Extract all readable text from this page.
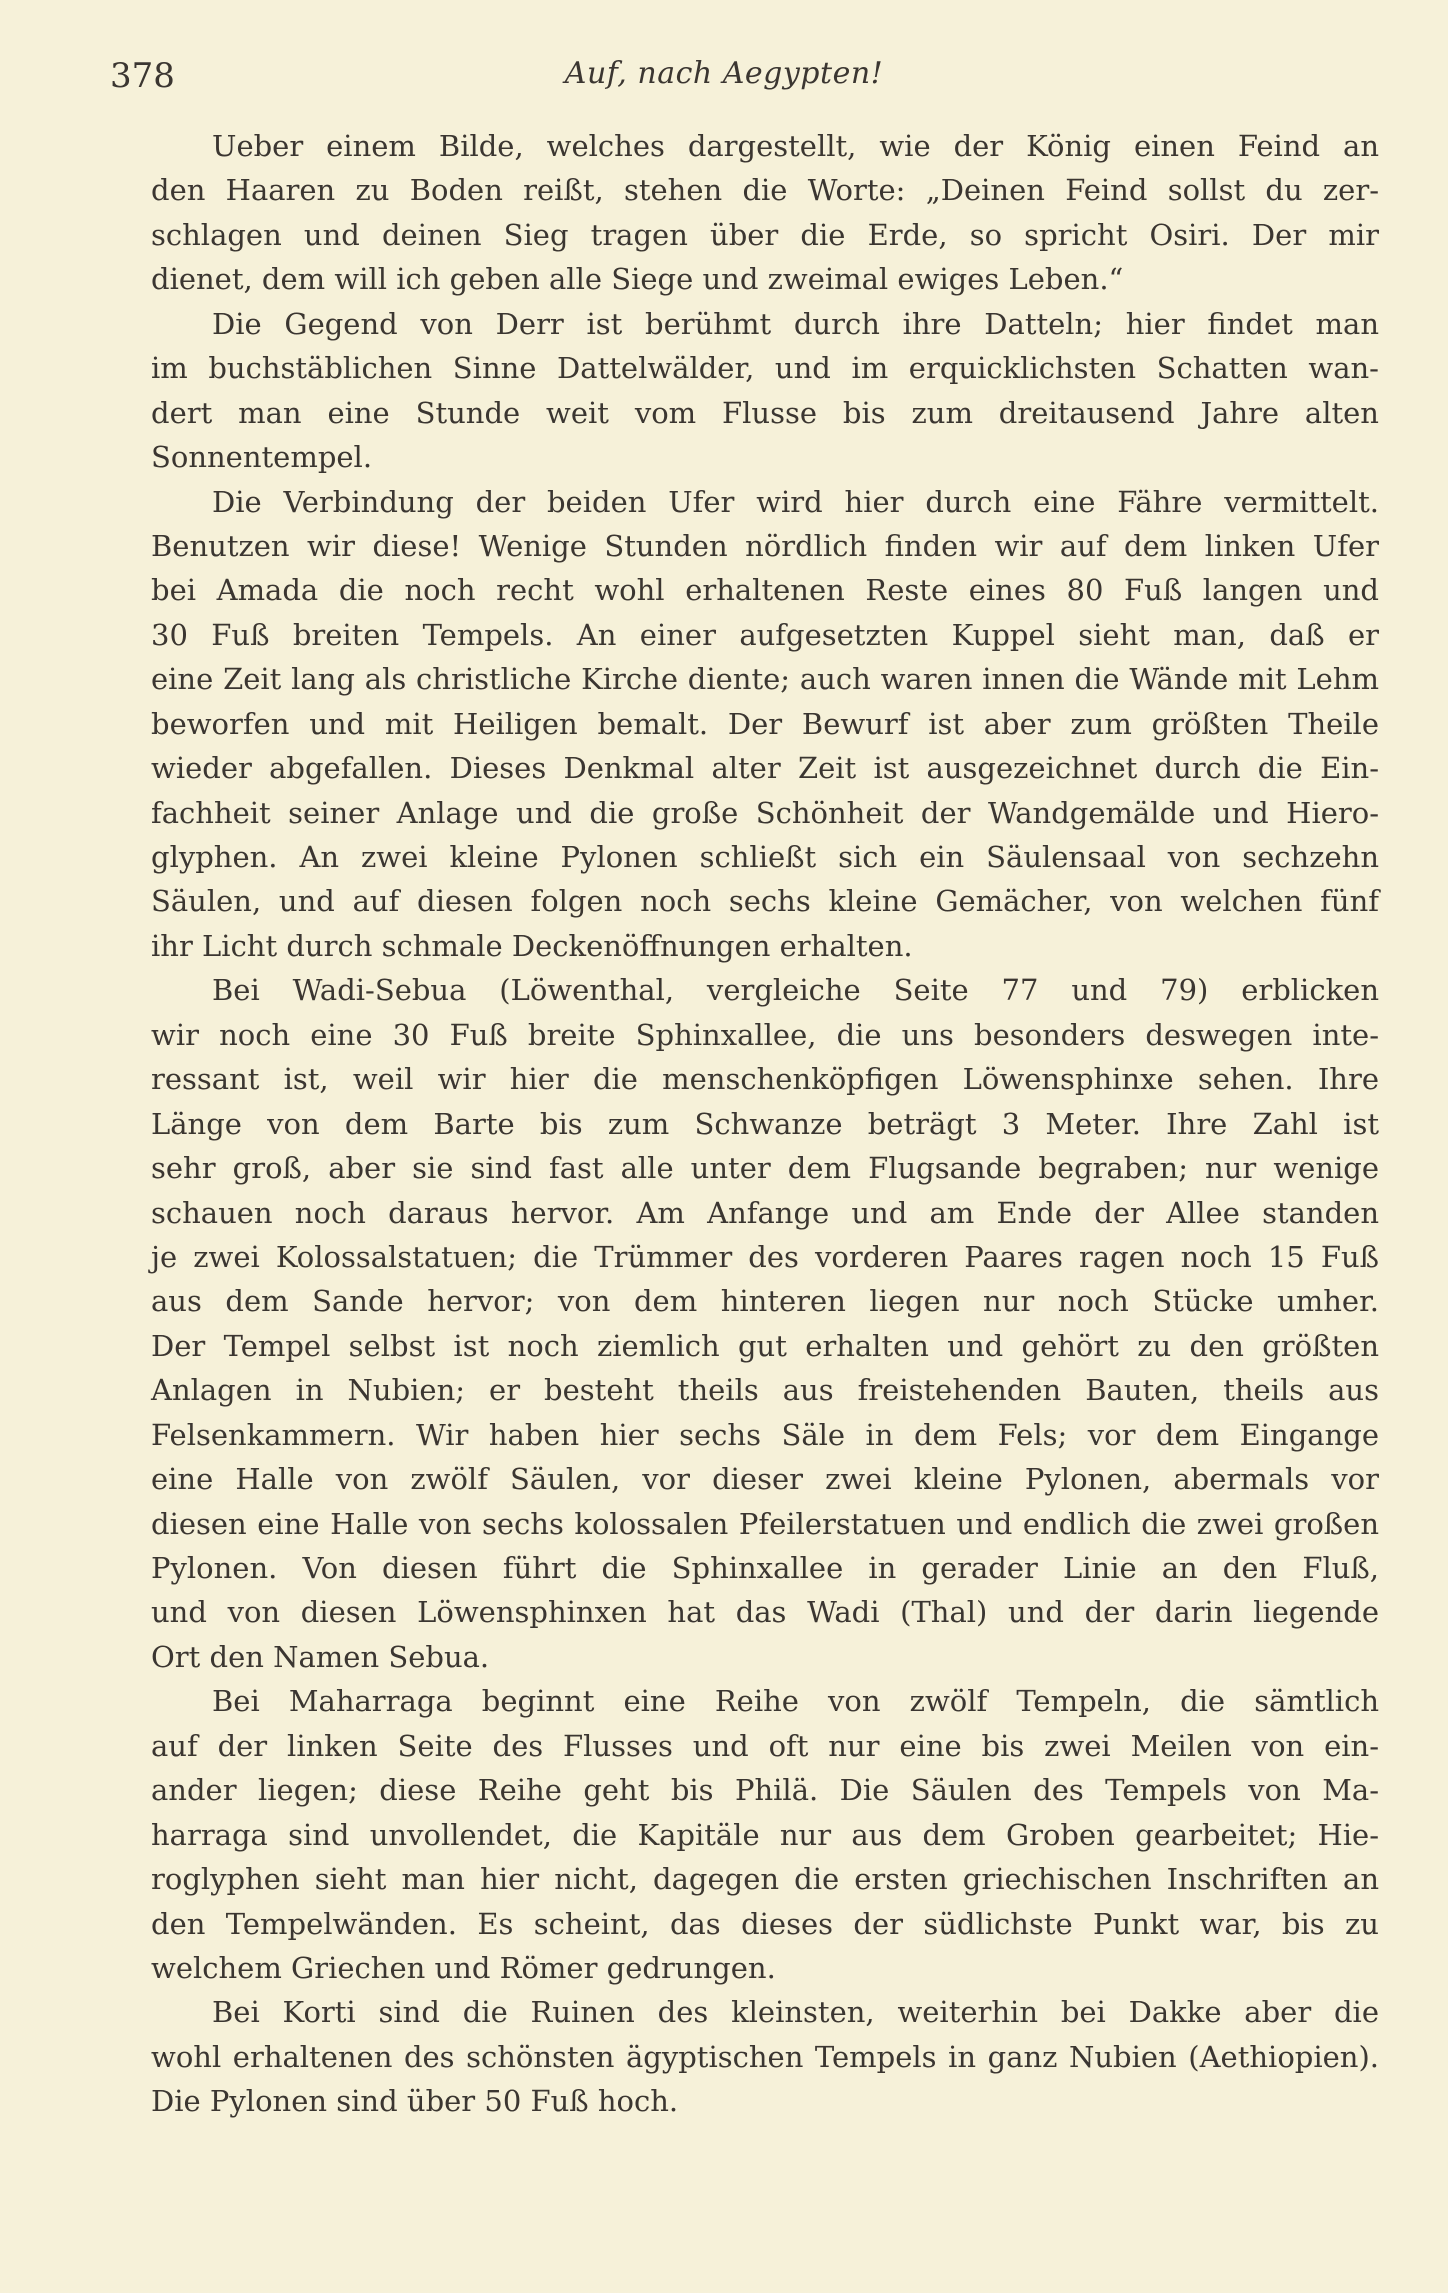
378	Auf, nach Aegypten!
Ueber einem Bilde, welches dargestellt, wie der König einen Feind an
den Haaren zu Boden reißt, stehen die Worte: „Deinen Feind sollst du zer-
schlagen und deinen Sieg tragen über die Erde, so spricht Osiri. Der mir
dienet, dem will ich geben alle Siege und zweimal ewiges Leben.“
Die Gegend von Derr ist berühmt durch ihre Datteln; hier findet man
im buchstäblichen Sinne Dattelwälder, und im erquicklichsten Schatten wan-
dert man eine Stunde weit vom Flusse bis zum dreitausend Jahre alten
Sonnentempel.
Die Verbindung der beiden Ufer wird hier durch eine Fähre vermittelt.
Benutzen wir diese! Wenige Stunden nördlich finden wir auf dem linken Ufer
bei Amada die noch recht wohl erhaltenen Reste eines 80 Fuß langen und
30 Fuß breiten Tempels. An einer aufgesetzten Kuppel sieht man, daß er
eine Zeit lang als christliche Kirche diente; auch waren innen die Wände mit Lehm
beworfen und mit Heiligen bemalt. Der Bewurf ist aber zum größten Theile
wieder abgefallen. Dieses Denkmal alter Zeit ist ausgezeichnet durch die Ein-
fachheit seiner Anlage und die große Schönheit der Wandgemälde und Hiero-
glyphen. An zwei kleine Pylonen schließt sich ein Säulensaal von sechzehn
Säulen, und auf diesen folgen noch sechs kleine Gemächer, von welchen fünf
ihr Licht durch schmale Deckenöffnungen erhalten.
Bei Wadi-Sebua (Löwenthal, vergleiche Seite 77 und 79) erblicken
wir noch eine 30 Fuß breite Sphinxallee, die uns besonders deswegen inte-
ressant ist, weil wir hier die menschenköpfigen Löwensphinxe sehen. Ihre
Länge von dem Barte bis zum Schwanze beträgt 3 Meter. Ihre Zahl ist
sehr groß, aber sie sind fast alle unter dem Flugsande begraben; nur wenige
schauen noch daraus hervor. Am Anfange und am Ende der Allee standen
je zwei Kolossalstatuen; die Trümmer des vorderen Paares ragen noch 15 Fuß
aus dem Sande hervor; von dem hinteren liegen nur noch Stücke umher.
Der Tempel selbst ist noch ziemlich gut erhalten und gehört zu den größten
Anlagen in Nubien; er besteht theils aus freistehenden Bauten, theils aus
Felsenkammern. Wir haben hier sechs Säle in dem Fels; vor dem Eingange
eine Halle von zwölf Säulen, vor dieser zwei kleine Pylonen, abermals vor
diesen eine Halle von sechs kolossalen Pfeilerstatuen und endlich die zwei großen
Pylonen. Von diesen führt die Sphinxallee in gerader Linie an den Fluß,
und von diesen Löwensphinxen hat das Wadi (Thal) und der darin liegende
Ort den Namen Sebua.
Bei Maharraga beginnt eine Reihe von zwölf Tempeln, die sämtlich
auf der linken Seite des Flusses und oft nur eine bis zwei Meilen von ein-
ander liegen; diese Reihe geht bis Philä. Die Säulen des Tempels von Ma-
harraga sind unvollendet, die Kapitäle nur aus dem Groben gearbeitet; Hie-
roglyphen sieht man hier nicht, dagegen die ersten griechischen Inschriften an
den Tempelwänden. Es scheint, das dieses der südlichste Punkt war, bis zu
welchem Griechen und Römer gedrungen.
Bei Korti sind die Ruinen des kleinsten, weiterhin bei Dakke aber die
wohl erhaltenen des schönsten ägyptischen Tempels in ganz Nubien (Aethiopien).
Die Pylonen sind über 50 Fuß hoch.
